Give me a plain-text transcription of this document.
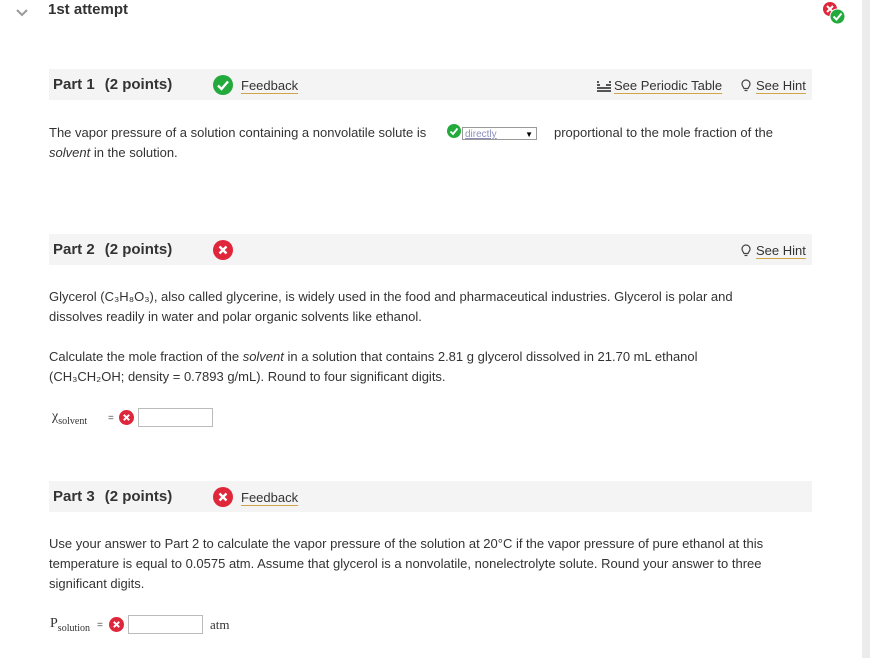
1st attempt
Part 1 (2 points)	Feedback	See Periodic Table	See Hint
The vapor pressure of a solution containing a nonvolatile solute is	directly	▼ proportional to the mole fraction of the
solvent in the solution.
Part 2 (2 points)	See Hint
Glycerol (C₃H₈O₃), also called glycerine, is widely used in the food and pharmaceutical industries. Glycerol is polar and
dissolves readily in water and polar organic solvents like ethanol.
Calculate the mole fraction of the solvent in a solution that contains 2.81 g glycerol dissolved in 21.70 mL ethanol
(CH₃CH₂OH; density = 0.7893 g/mL). Round to four significant digits.
$\chi_{solvent}$ =
Part 3 (2 points)	Feedback
Use your answer to Part 2 to calculate the vapor pressure of the solution at 20°C if the vapor pressure of pure ethanol at this
temperature is equal to 0.0575 atm. Assume that glycerol is a nonvolatile, nonelectrolyte solute. Round your answer to three
significant digits.
$P_{solution}$ =	atm
